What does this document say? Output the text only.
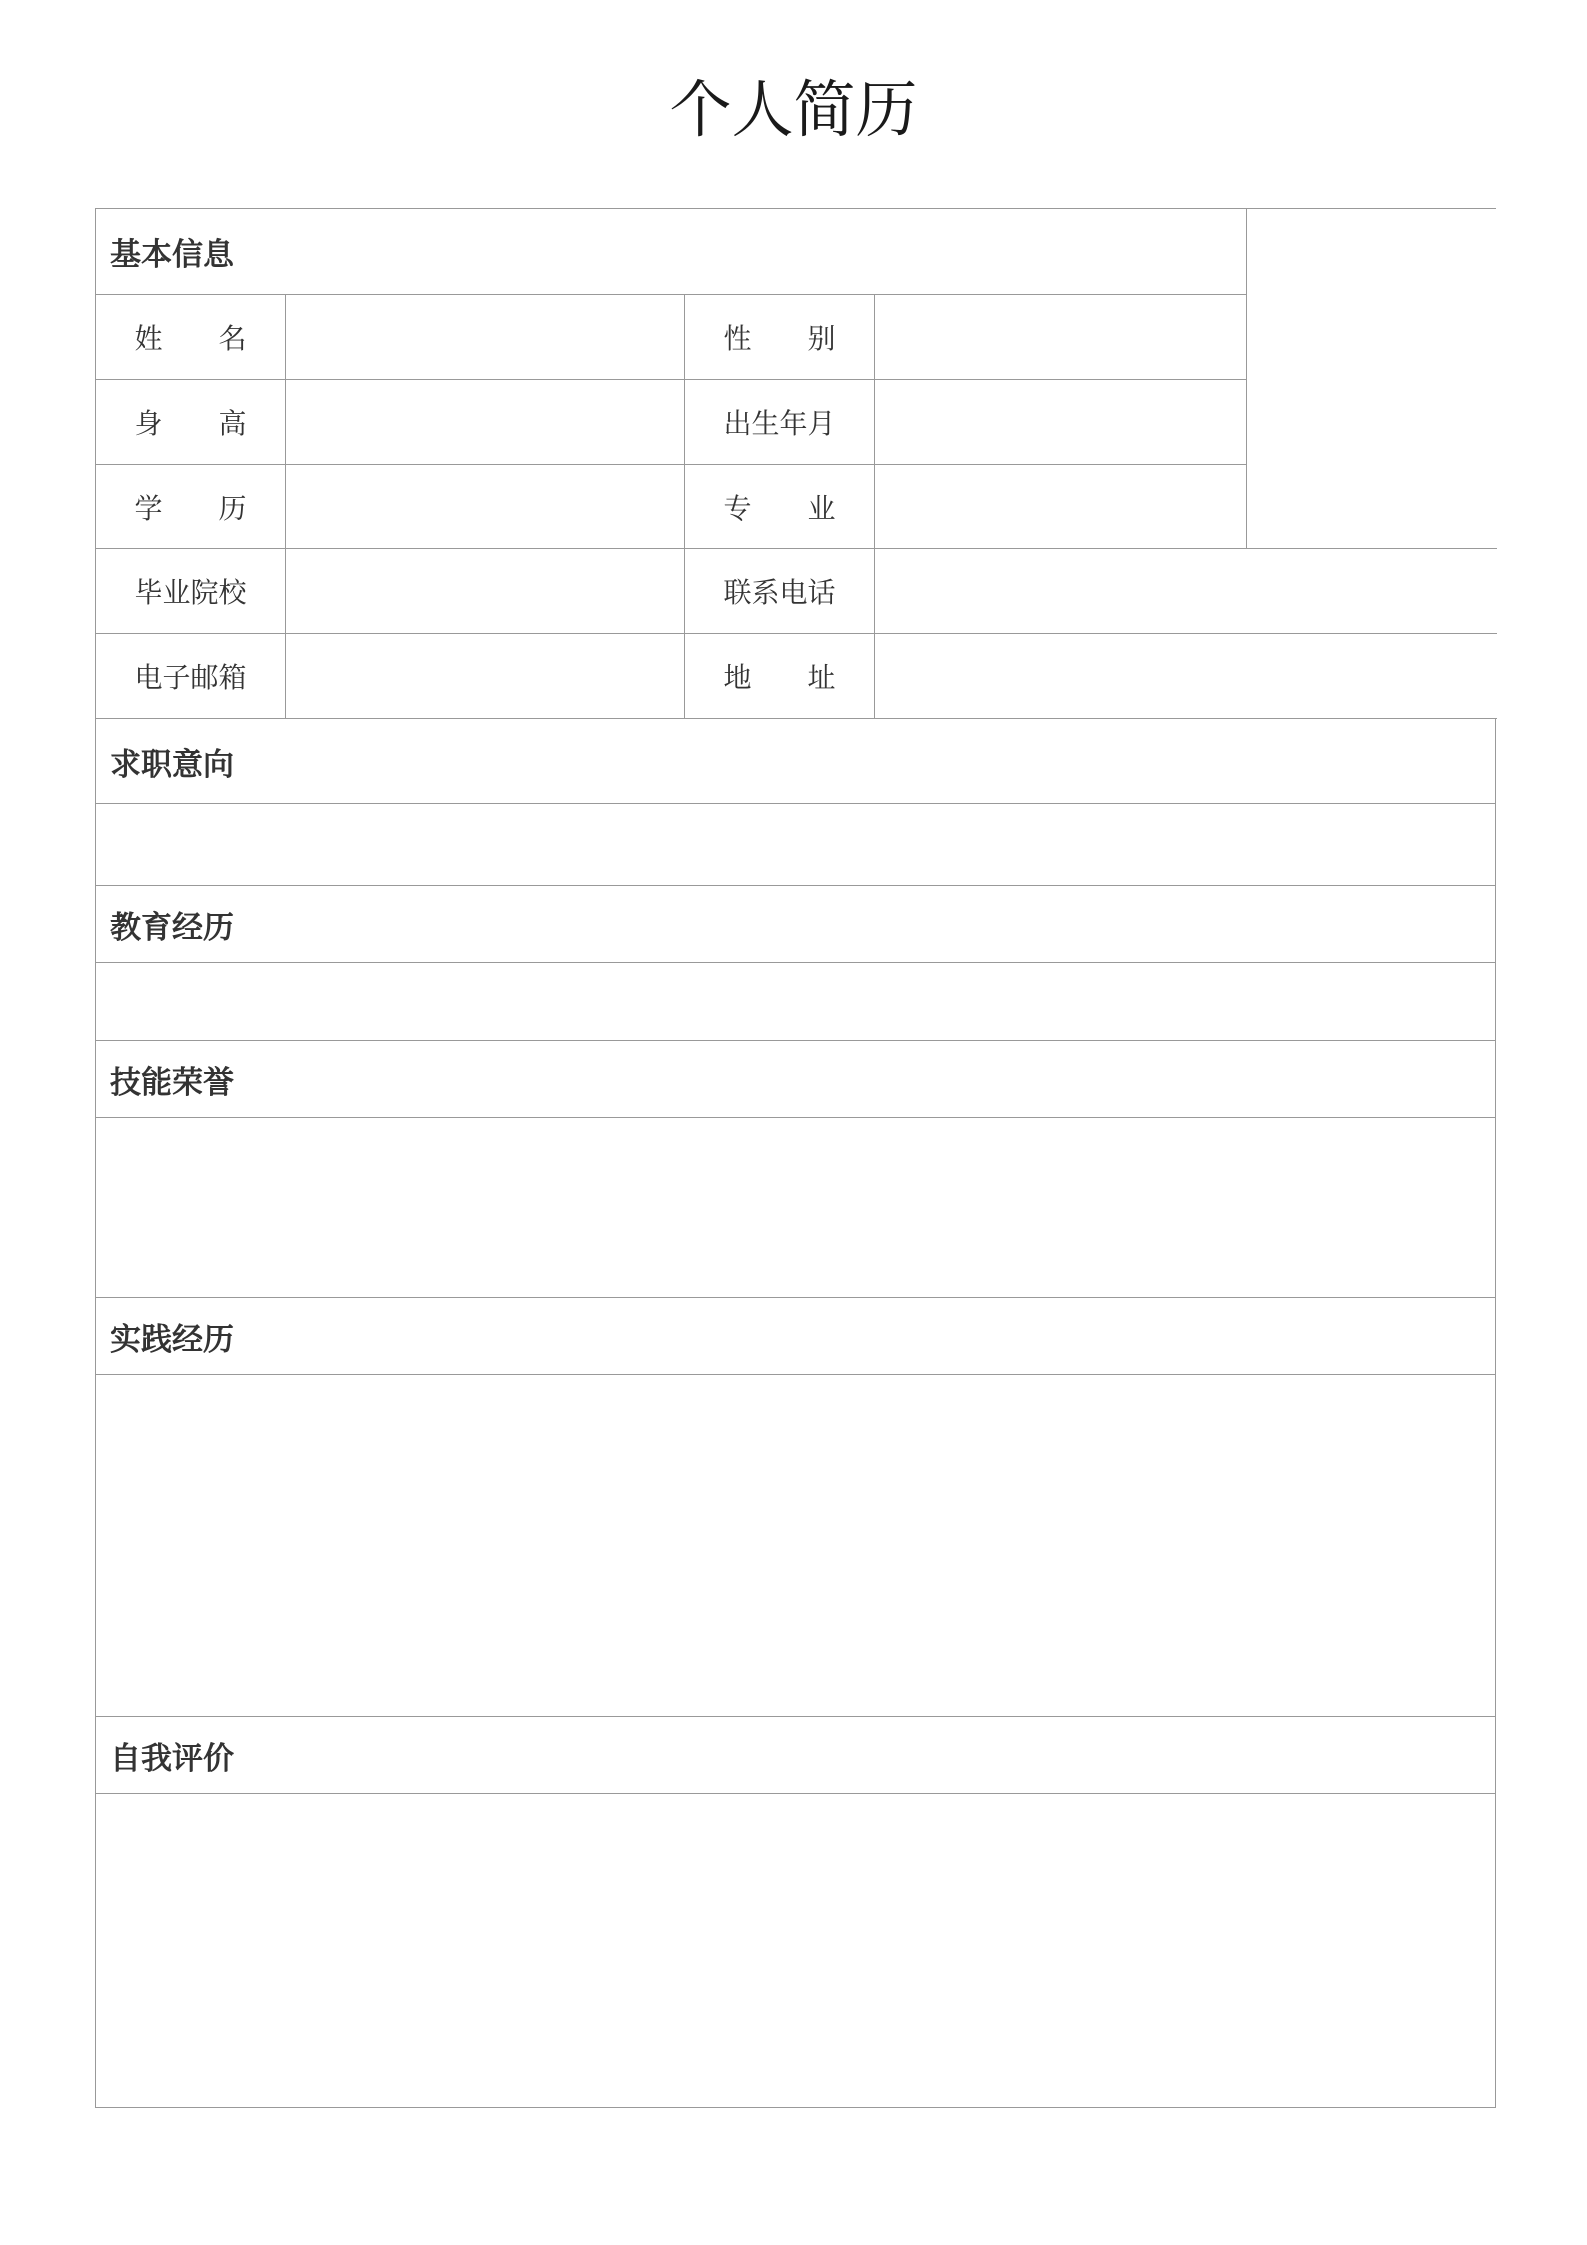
个人简历
基本信息
姓　　名	性　　别
身　　高	出生年月
学　　历	专　　业
毕业院校	联系电话
电子邮箱	地　　址
求职意向
教育经历
技能荣誉
实践经历
自我评价
